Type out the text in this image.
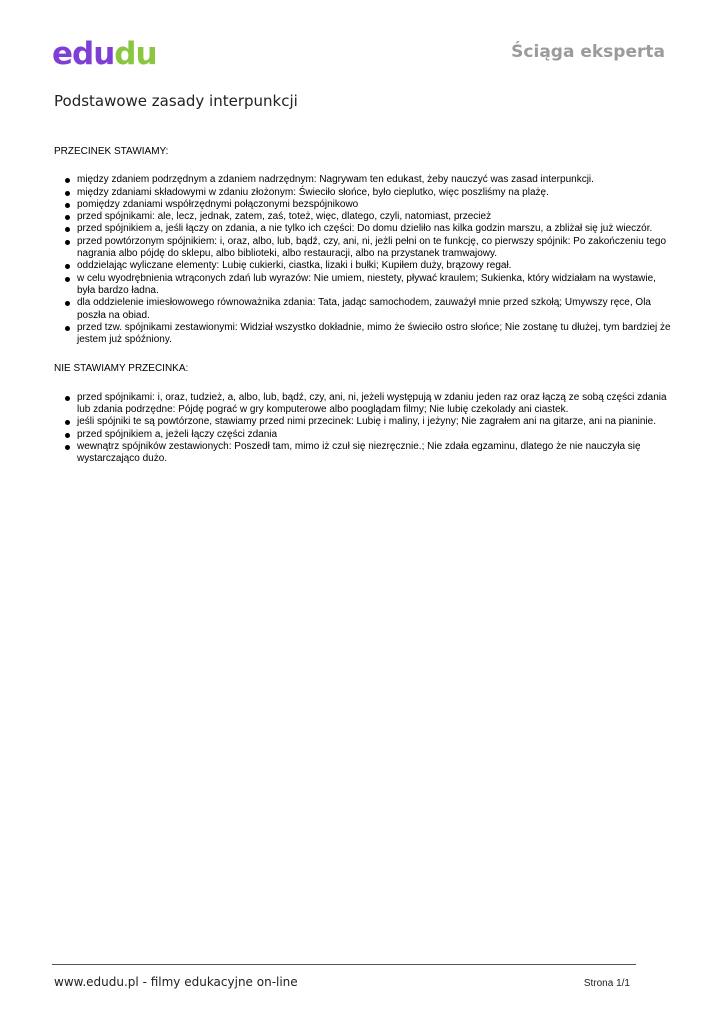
edudu	Ściąga eksperta
Podstawowe zasady interpunkcji

PRZECINEK STAWIAMY:

między zdaniem podrzędnym a zdaniem nadrzędnym: Nagrywam ten edukast, żeby nauczyć was zasad interpunkcji.
między zdaniami składowymi w zdaniu złożonym: Świeciło słońce, było cieplutko, więc poszliśmy na plażę.
pomiędzy zdaniami współrzędnymi połączonymi bezspójnikowo
przed spójnikami: ale, lecz, jednak, zatem, zaś, toteż, więc, dlatego, czyli, natomiast, przecież
przed spójnikiem a, jeśli łączy on zdania, a nie tylko ich części: Do domu dzieliło nas kilka godzin marszu, a zbliżał się już wieczór.
przed powtórzonym spójnikiem: i, oraz, albo, lub, bądź, czy, ani, ni, jeżli pełni on te funkcję, co pierwszy spójnik: Po zakończeniu tego nagrania albo pójdę do sklepu, albo biblioteki, albo restauracji, albo na przystanek tramwajowy.
oddzielając wyliczane elementy: Lubię cukierki, ciastka, lizaki i bułki; Kupiłem duży, brązowy regał.
w celu wyodrębnienia wtrąconych zdań lub wyrazów: Nie umiem, niestety, pływać kraulem; Sukienka, który widziałam na wystawie, była bardzo ładna.
dla oddzielenie imiesłowowego równoważnika zdania: Tata, jadąc samochodem, zauważył mnie przed szkołą; Umywszy ręce, Ola poszła na obiad.
przed tzw. spójnikami zestawionymi: Widział wszystko dokładnie, mimo że świeciło ostro słońce; Nie zostanę tu dłużej, tym bardziej że jestem już spóźniony.

NIE STAWIAMY PRZECINKA:

przed spójnikami: i, oraz, tudzież, a, albo, lub, bądź, czy, ani, ni, jeżeli występują w zdaniu jeden raz oraz łączą ze sobą części zdania lub zdania podrzędne: Pójdę pograć w gry komputerowe albo pooglądam filmy; Nie lubię czekolady ani ciastek.
jeśli spójniki te są powtórzone, stawiamy przed nimi przecinek: Lubię i maliny, i jeżyny; Nie zagrałem ani na gitarze, ani na pianinie.
przed spójnikiem a, jeżeli łączy części zdania
wewnątrz spójników zestawionych: Poszedł tam, mimo iż czuł się niezręcznie.; Nie zdała egzaminu, dlatego że nie nauczyła się wystarczająco dużo.
www.edudu.pl - filmy edukacyjne on-line	Strona 1/1
